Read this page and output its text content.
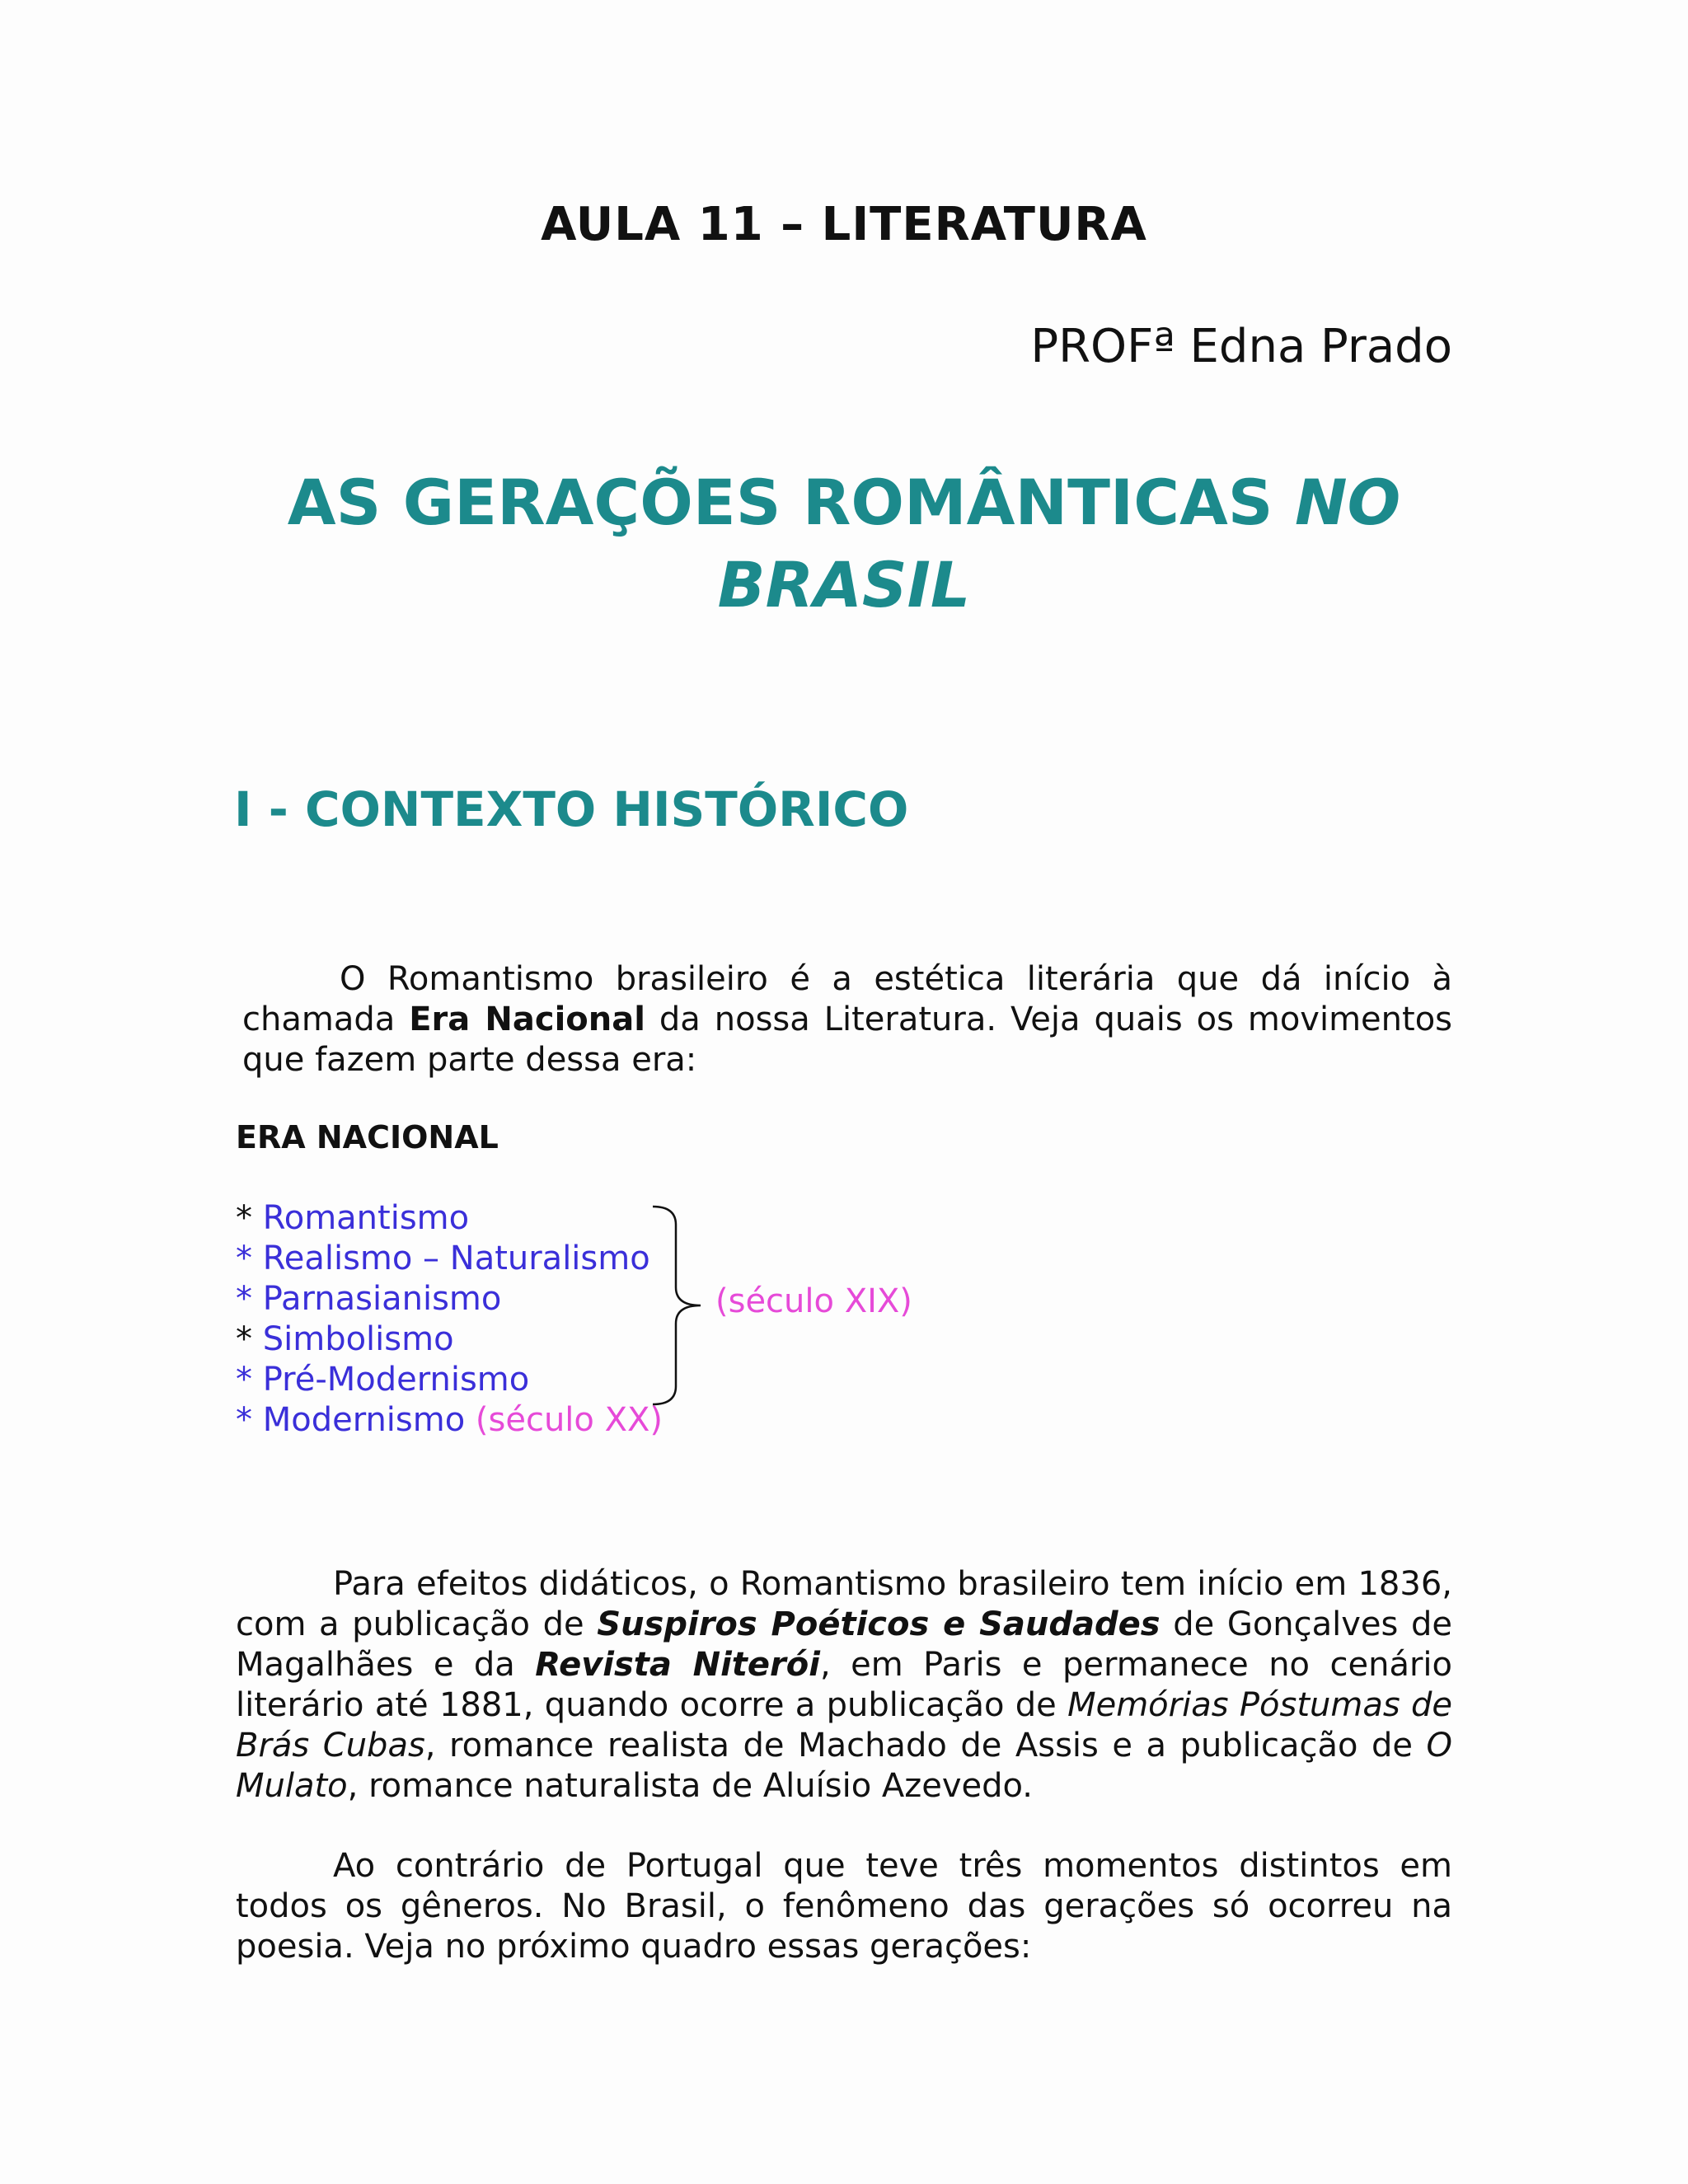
AULA 11 – LITERATURA
PROFª Edna Prado
AS GERAÇÕES ROMÂNTICAS NO
BRASIL
I - CONTEXTO HISTÓRICO

O Romantismo brasileiro é a estética literária que dá início à chamada Era Nacional da nossa Literatura. Veja quais os movimentos que fazem parte dessa era:

ERA NACIONAL
* Romantismo
* Realismo – Naturalismo
* Parnasianismo
* Simbolismo
* Pré-Modernismo
* Modernismo (século XX)
(século XIX)

Para efeitos didáticos, o Romantismo brasileiro tem início em 1836, com a publicação de Suspiros Poéticos e Saudades de Gonçalves de Magalhães e da Revista Niterói, em Paris e permanece no cenário literário até 1881, quando ocorre a publicação de Memórias Póstumas de Brás Cubas, romance realista de Machado de Assis e a publicação de O Mulato, romance naturalista de Aluísio Azevedo.

Ao contrário de Portugal que teve três momentos distintos em todos os gêneros. No Brasil, o fenômeno das gerações só ocorreu na poesia. Veja no próximo quadro essas gerações:
